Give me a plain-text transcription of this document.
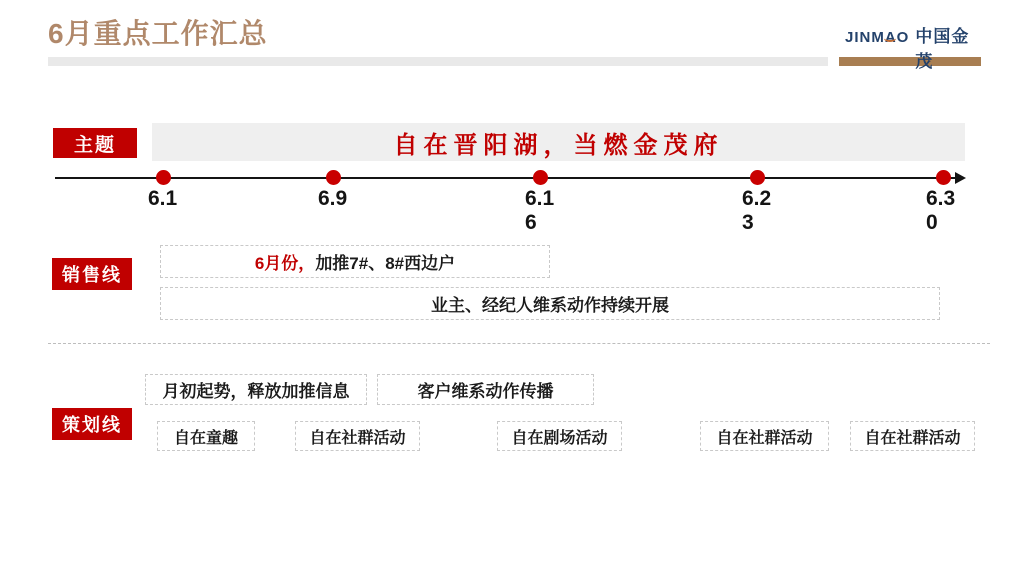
6月重点工作汇总	JINMAO 中国金茂
主题	自在晋阳湖，当燃金茂府
6.1	6.9	6.16
6.23
6.30
销售线
6月份， 加推7#、8#西边户
业主、经纪人维系动作持续开展
策划线
月初起势，释放加推信息	客户维系动作传播
自在童趣	自在社群活动	自在剧场活动	自在社群活动	自在社群活动
